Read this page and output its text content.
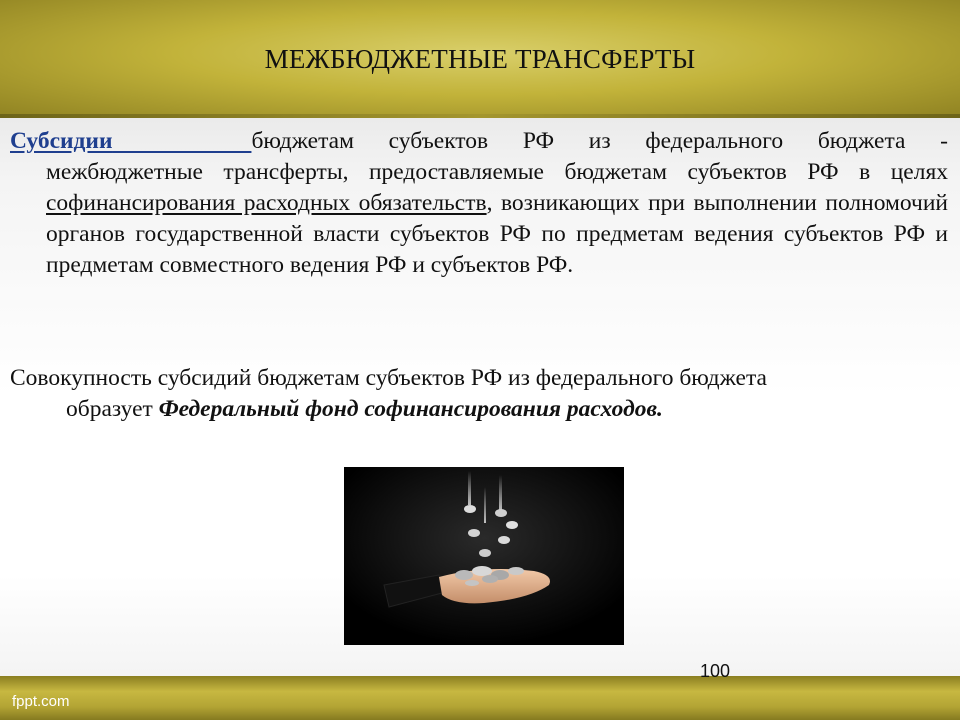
МЕЖБЮДЖЕТНЫЕ ТРАНСФЕРТЫ
Субсидии	бюджетам субъектов РФ из федерального бюджета -
межбюджетные трансферты, предоставляемые бюджетам субъектов РФ в целях софинансирования расходных обязательств, возникающих при выполнении полномочий органов государственной власти субъектов РФ по предметам ведения субъектов РФ и предметам совместного ведения РФ и субъектов РФ.
Совокупность субсидий бюджетам субъектов РФ из федерального бюджета
образует Федеральный фонд софинансирования расходов.
100
fppt.com
